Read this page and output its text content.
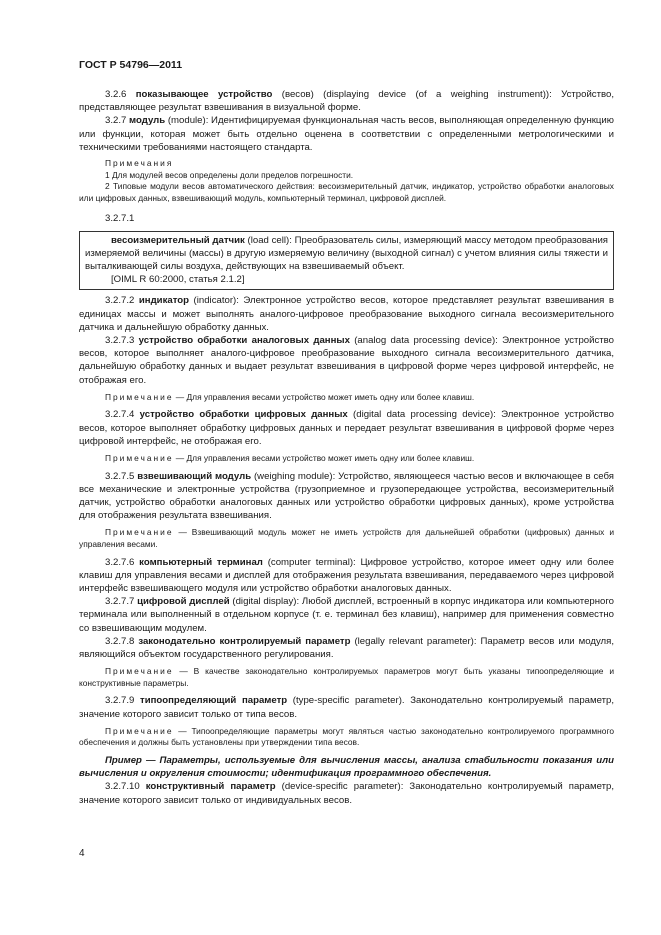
ГОСТ Р 54796—2011

3.2.6 показывающее устройство (весов) (displaying device (of a weighing instrument)): Устройство, представляющее результат взвешивания в визуальной форме.

3.2.7 модуль (module): Идентифицируемая функциональная часть весов, выполняющая определенную функцию или функции, которая может быть отдельно оценена в соответствии с определенными метрологическими и техническими требованиями настоящего стандарта.

Примечания

1 Для модулей весов определены доли пределов погрешности.

2 Типовые модули весов автоматического действия: весоизмерительный датчик, индикатор, устройство обработки аналоговых или цифровых данных, взвешивающий модуль, компьютерный терминал, цифровой дисплей.

3.2.7.1

весоизмерительный датчик (load cell): Преобразователь силы, измеряющий массу методом преобразования измеряемой величины (массы) в другую измеряемую величину (выходной сигнал) с учетом влияния силы тяжести и выталкивающей силы воздуха, действующих на взвешиваемый объект.

[OIML R 60:2000, статья 2.1.2]

3.2.7.2 индикатор (indicator): Электронное устройство весов, которое представляет результат взвешивания в единицах массы и может выполнять аналого-цифровое преобразование выходного сигнала весоизмерительного датчика и дальнейшую обработку данных.

3.2.7.3 устройство обработки аналоговых данных (analog data processing device): Электронное устройство весов, которое выполняет аналого-цифровое преобразование выходного сигнала весоизмерительного датчика, дальнейшую обработку данных и выдает результат взвешивания в цифровой форме через цифровой интерфейс, не отображая его.

Примечание — Для управления весами устройство может иметь одну или более клавиш.

3.2.7.4 устройство обработки цифровых данных (digital data processing device): Электронное устройство весов, которое выполняет обработку цифровых данных и передает результат взвешивания в цифровой форме через цифровой интерфейс, не отображая его.

Примечание — Для управления весами устройство может иметь одну или более клавиш.

3.2.7.5 взвешивающий модуль (weighing module): Устройство, являющееся частью весов и включающее в себя все механические и электронные устройства (грузоприемное и грузопередающее устройства, весоизмерительный датчик, устройство обработки аналоговых данных или устройство обработки цифровых данных), кроме устройства для отображения результата взвешивания.

Примечание — Взвешивающий модуль может не иметь устройств для дальнейшей обработки (цифровых) данных и управления весами.

3.2.7.6 компьютерный терминал (computer terminal): Цифровое устройство, которое имеет одну или более клавиш для управления весами и дисплей для отображения результата взвешивания, передаваемого через цифровой интерфейс взвешивающего модуля или устройство обработки аналоговых данных.

3.2.7.7 цифровой дисплей (digital display): Любой дисплей, встроенный в корпус индикатора или компьютерного терминала или выполненный в отдельном корпусе (т. е. терминал без клавиш), например для применения совместно со взвешивающим модулем.

3.2.7.8 законодательно контролируемый параметр (legally relevant parameter): Параметр весов или модуля, являющийся объектом государственного регулирования.

Примечание — В качестве законодательно контролируемых параметров могут быть указаны типоопределяющие и конструктивные параметры.

3.2.7.9 типоопределяющий параметр (type-specific parameter). Законодательно контролируемый параметр, значение которого зависит только от типа весов.

Примечание — Типоопределяющие параметры могут являться частью законодательно контролируемого программного обеспечения и должны быть установлены при утверждении типа весов.

Пример — Параметры, используемые для вычисления массы, анализа стабильности показания или вычисления и округления стоимости; идентификация программного обеспечения.

3.2.7.10 конструктивный параметр (device-specific parameter): Законодательно контролируемый параметр, значение которого зависит только от индивидуальных весов.

4
